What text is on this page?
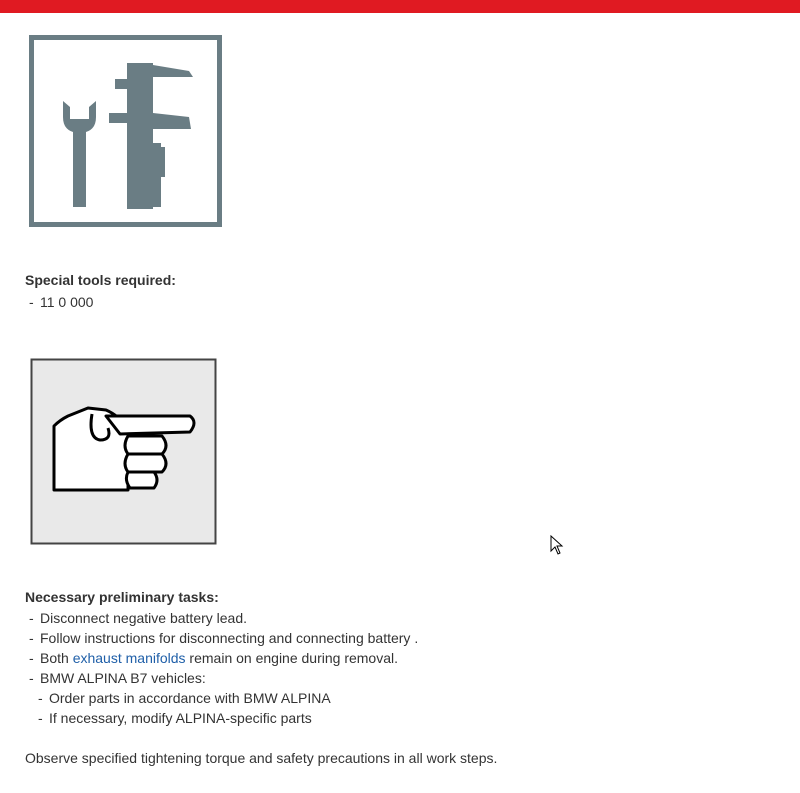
Special tools required:

- 11 0 000

Necessary preliminary tasks:

- Disconnect negative battery lead.
- Follow instructions for disconnecting and connecting battery .
- Both exhaust manifolds remain on engine during removal.
- BMW ALPINA B7 vehicles:
- Order parts in accordance with BMW ALPINA
- If necessary, modify ALPINA-specific parts
Observe specified tightening torque and safety precautions in all work steps.
